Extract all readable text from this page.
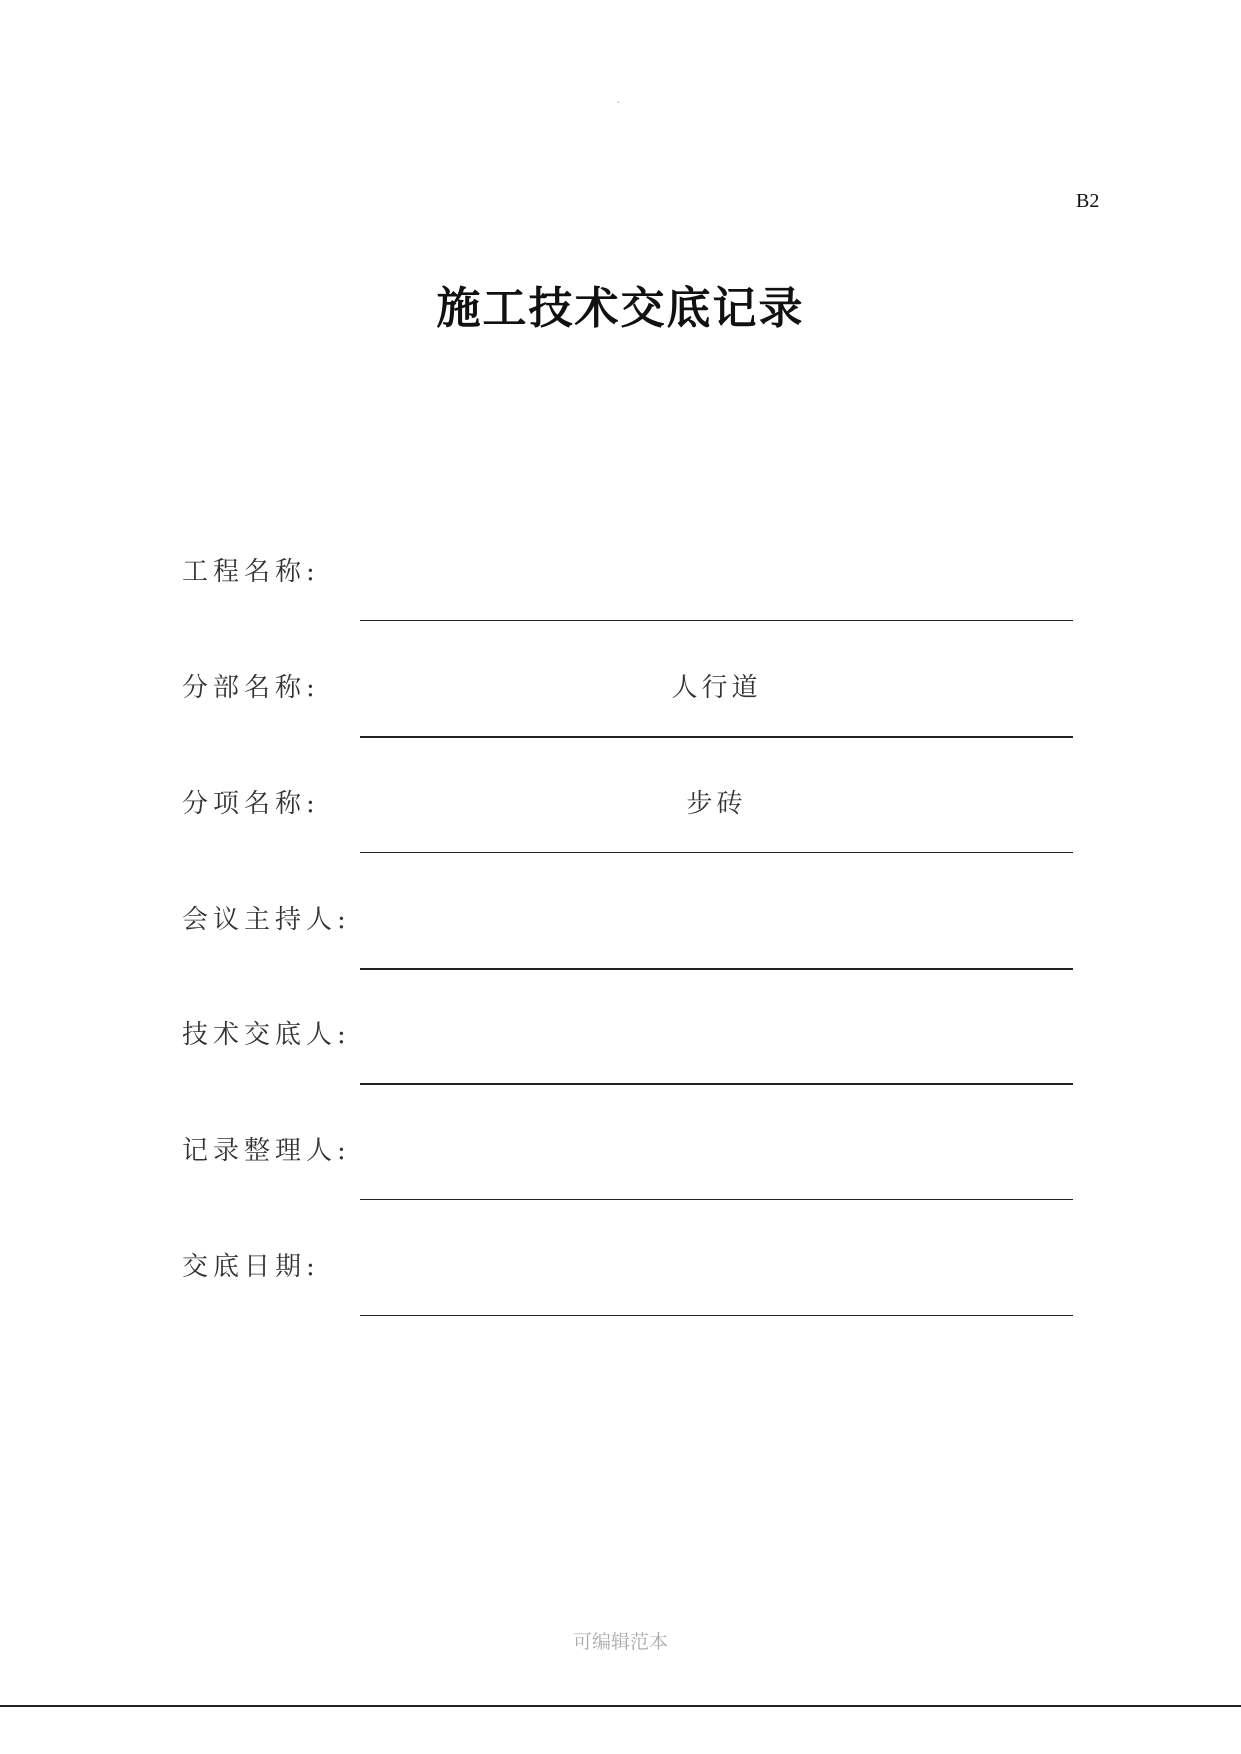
.
B2
施工技术交底记录
工程名称:
分部名称:	人行道
分项名称:	步砖
会议主持人:
技术交底人:
记录整理人:
交底日期:
可编辑范本
